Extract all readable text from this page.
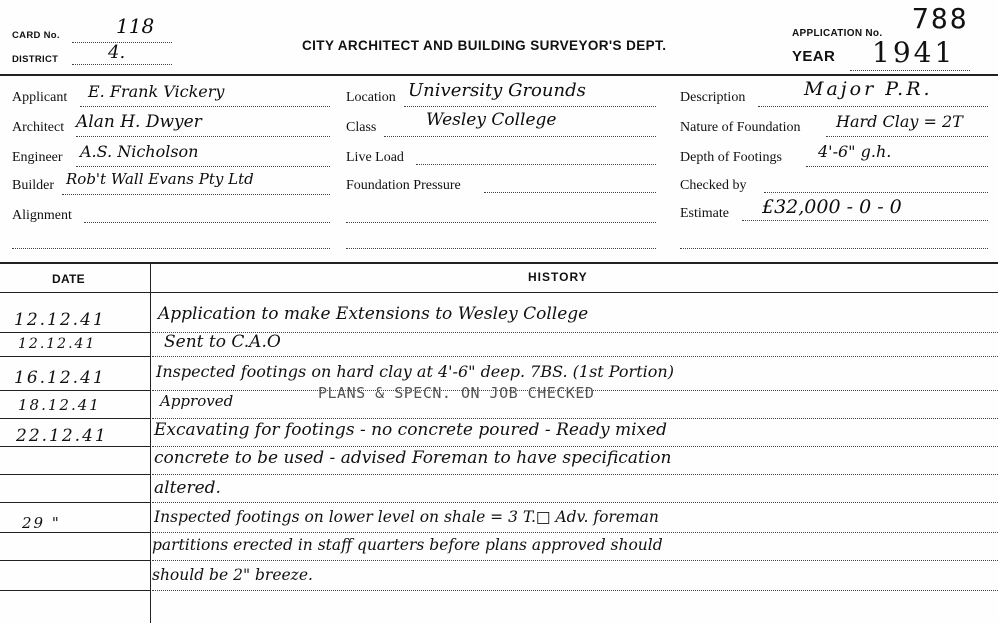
CARD No.	118
DISTRICT	4.	CITY ARCHITECT AND BUILDING SURVEYOR'S DEPT.
APPLICATION No. 788
YEAR 1941
Applicant E. Frank Vickery
Architect Alan H. Dwyer
Engineer A.S. Nicholson
Builder Rob't Wall Evans Pty Ltd
Alignment
Location University Grounds
Class	Wesley College
Live Load
Foundation Pressure
Description	Major P.R.
Nature of Foundation Hard Clay = 2T
Depth of Footings 4'-6" g.h.
Checked by
Estimate £32,000 - 0 - 0
DATE	HISTORY
12.12.41	Application to make Extensions to Wesley College
12.12.41	Sent to C.A.O
16.12.41	Inspected footings on hard clay at 4'-6" deep. 7BS. (1st Portion)
18.12.41	Approved	PLANS & SPECN. ON JOB CHECKED
22.12.41	Excavating for footings - no concrete poured - Ready mixed
concrete to be used - advised Foreman to have specification
altered.
29 "	Inspected footings on lower level on shale = 3 T.□ Adv. foreman
partitions erected in staff quarters before plans approved should
should be 2" breeze.
